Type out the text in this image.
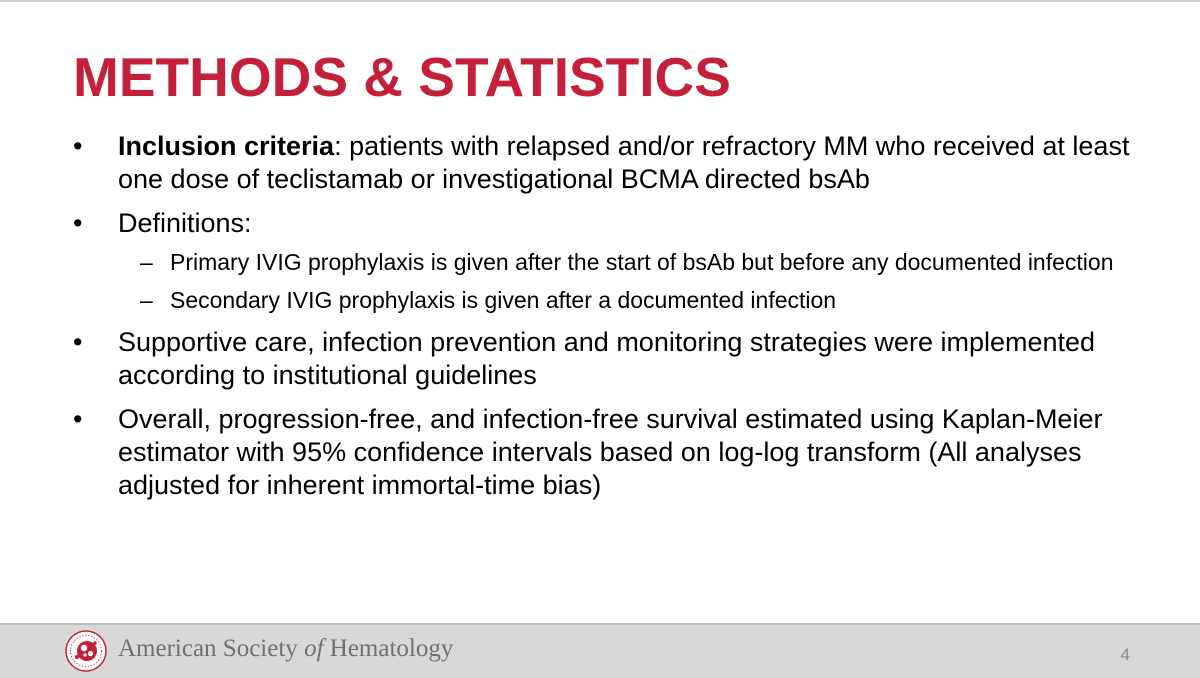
METHODS & STATISTICS
•	Inclusion criteria: patients with relapsed and/or refractory MM who received at least one dose of teclistamab or investigational BCMA directed bsAb
•	Definitions:
– Primary IVIG prophylaxis is given after the start of bsAb but before any documented infection
– Secondary IVIG prophylaxis is given after a documented infection
•	Supportive care, infection prevention and monitoring strategies were implemented according to institutional guidelines
•	Overall, progression-free, and infection-free survival estimated using Kaplan-Meier estimator with 95% confidence intervals based on log-log transform (All analyses adjusted for inherent immortal-time bias)
American Society of Hematology	4
